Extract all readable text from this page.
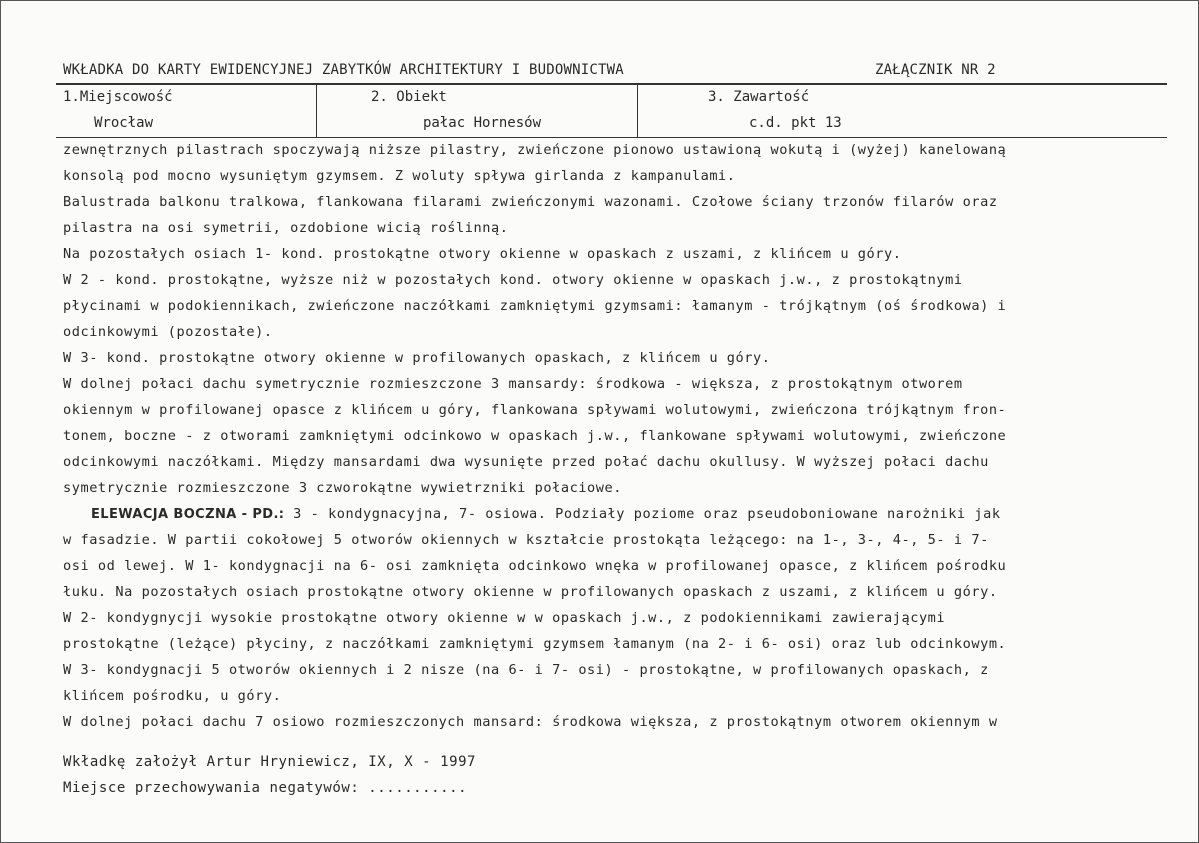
WKŁADKA DO KARTY EWIDENCYJNEJ ZABYTKÓW ARCHITEKTURY I BUDOWNICTWA	ZAŁĄCZNIK NR 2
1.Miejscowość
Wrocław
2. Obiekt
pałac Hornesów
3. Zawartość
c.d. pkt 13
zewnętrznych pilastrach spoczywają niższe pilastry, zwieńczone pionowo ustawioną wokutą i (wyżej) kanelowaną
konsolą pod mocno wysuniętym gzymsem. Z woluty spływa girlanda z kampanulami.
Balustrada balkonu tralkowa, flankowana filarami zwieńczonymi wazonami. Czołowe ściany trzonów filarów oraz
pilastra na osi symetrii, ozdobione wicią roślinną.
Na pozostałych osiach 1- kond. prostokątne otwory okienne w opaskach z uszami, z klińcem u góry.
W 2 - kond. prostokątne, wyższe niż w pozostałych kond. otwory okienne w opaskach j.w., z prostokątnymi
płycinami w podokiennikach, zwieńczone naczółkami zamkniętymi gzymsami: łamanym - trójkątnym (oś środkowa) i
odcinkowymi (pozostałe).
W 3- kond. prostokątne otwory okienne w profilowanych opaskach, z klińcem u góry.
W dolnej połaci dachu symetrycznie rozmieszczone 3 mansardy: środkowa - większa, z prostokątnym otworem
okiennym w profilowanej opasce z klińcem u góry, flankowana spływami wolutowymi, zwieńczona trójkątnym fron-
tonem, boczne - z otworami zamkniętymi odcinkowo w opaskach j.w., flankowane spływami wolutowymi, zwieńczone
odcinkowymi naczółkami. Między mansardami dwa wysunięte przed połać dachu okullusy. W wyższej połaci dachu
symetrycznie rozmieszczone 3 czworokątne wywietrzniki połaciowe.
ELEWACJA BOCZNA - PD.: 3 - kondygnacyjna, 7- osiowa. Podziały poziome oraz pseudoboniowane narożniki jak
w fasadzie. W partii cokołowej 5 otworów okiennych w kształcie prostokąta leżącego: na 1-, 3-, 4-, 5- i 7-
osi od lewej. W 1- kondygnacji na 6- osi zamknięta odcinkowo wnęka w profilowanej opasce, z klińcem pośrodku
łuku. Na pozostałych osiach prostokątne otwory okienne w profilowanych opaskach z uszami, z klińcem u góry.
W 2- kondygnycji wysokie prostokątne otwory okienne w w opaskach j.w., z podokiennikami zawierającymi
prostokątne (leżące) płyciny, z naczółkami zamkniętymi gzymsem łamanym (na 2- i 6- osi) oraz lub odcinkowym.
W 3- kondygnacji 5 otworów okiennych i 2 nisze (na 6- i 7- osi) - prostokątne, w profilowanych opaskach, z
klińcem pośrodku, u góry.
W dolnej połaci dachu 7 osiowo rozmieszczonych mansard: środkowa większa, z prostokątnym otworem okiennym w
Wkładkę założył Artur Hryniewicz, IX, X - 1997
Miejsce przechowywania negatywów: ...........
